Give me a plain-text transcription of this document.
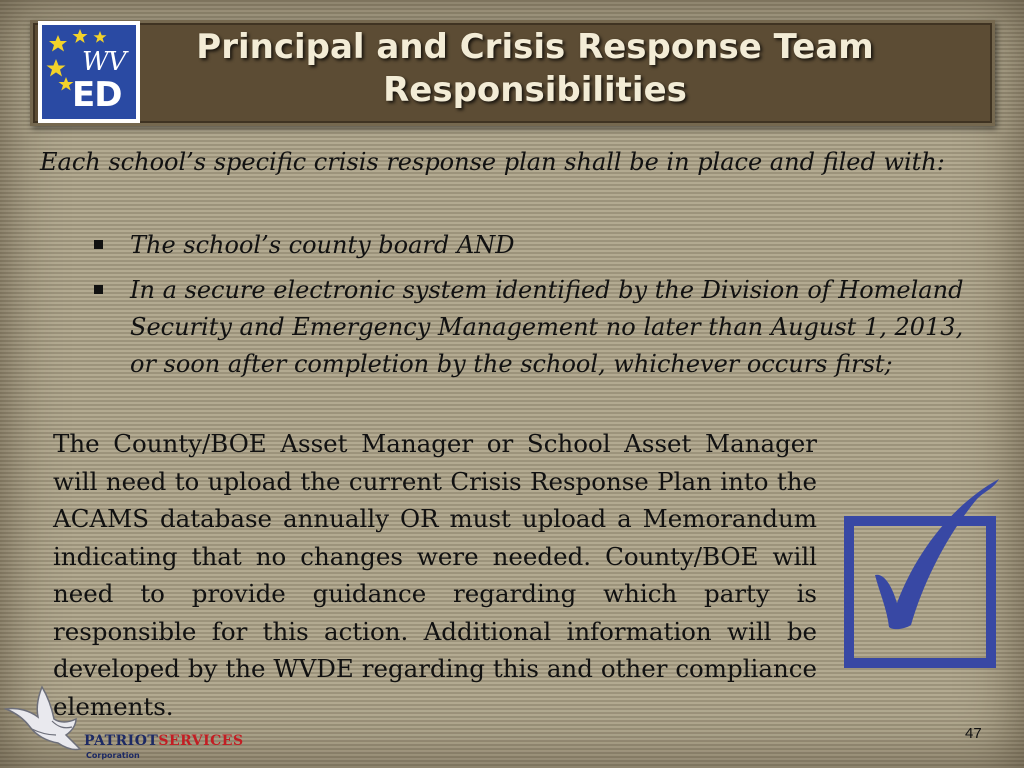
WV
ED
Principal and Crisis Response Team Responsibilities

Each school’s specific crisis response plan shall be in place and filed with:

The school’s county board AND
In a secure electronic system identified by the Division of Homeland Security and Emergency Management no later than August 1, 2013, or soon after completion by the school, whichever occurs first;

The County/BOE Asset Manager or School Asset Manager will need to upload the current Crisis Response Plan into the ACAMS database annually OR must upload a Memorandum indicating that no changes were needed. County/BOE will need to provide guidance regarding which party is responsible for this action. Additional information will be developed by the WVDE regarding this and other compliance elements.

PATRIOTSERVICES
Corporation
47
